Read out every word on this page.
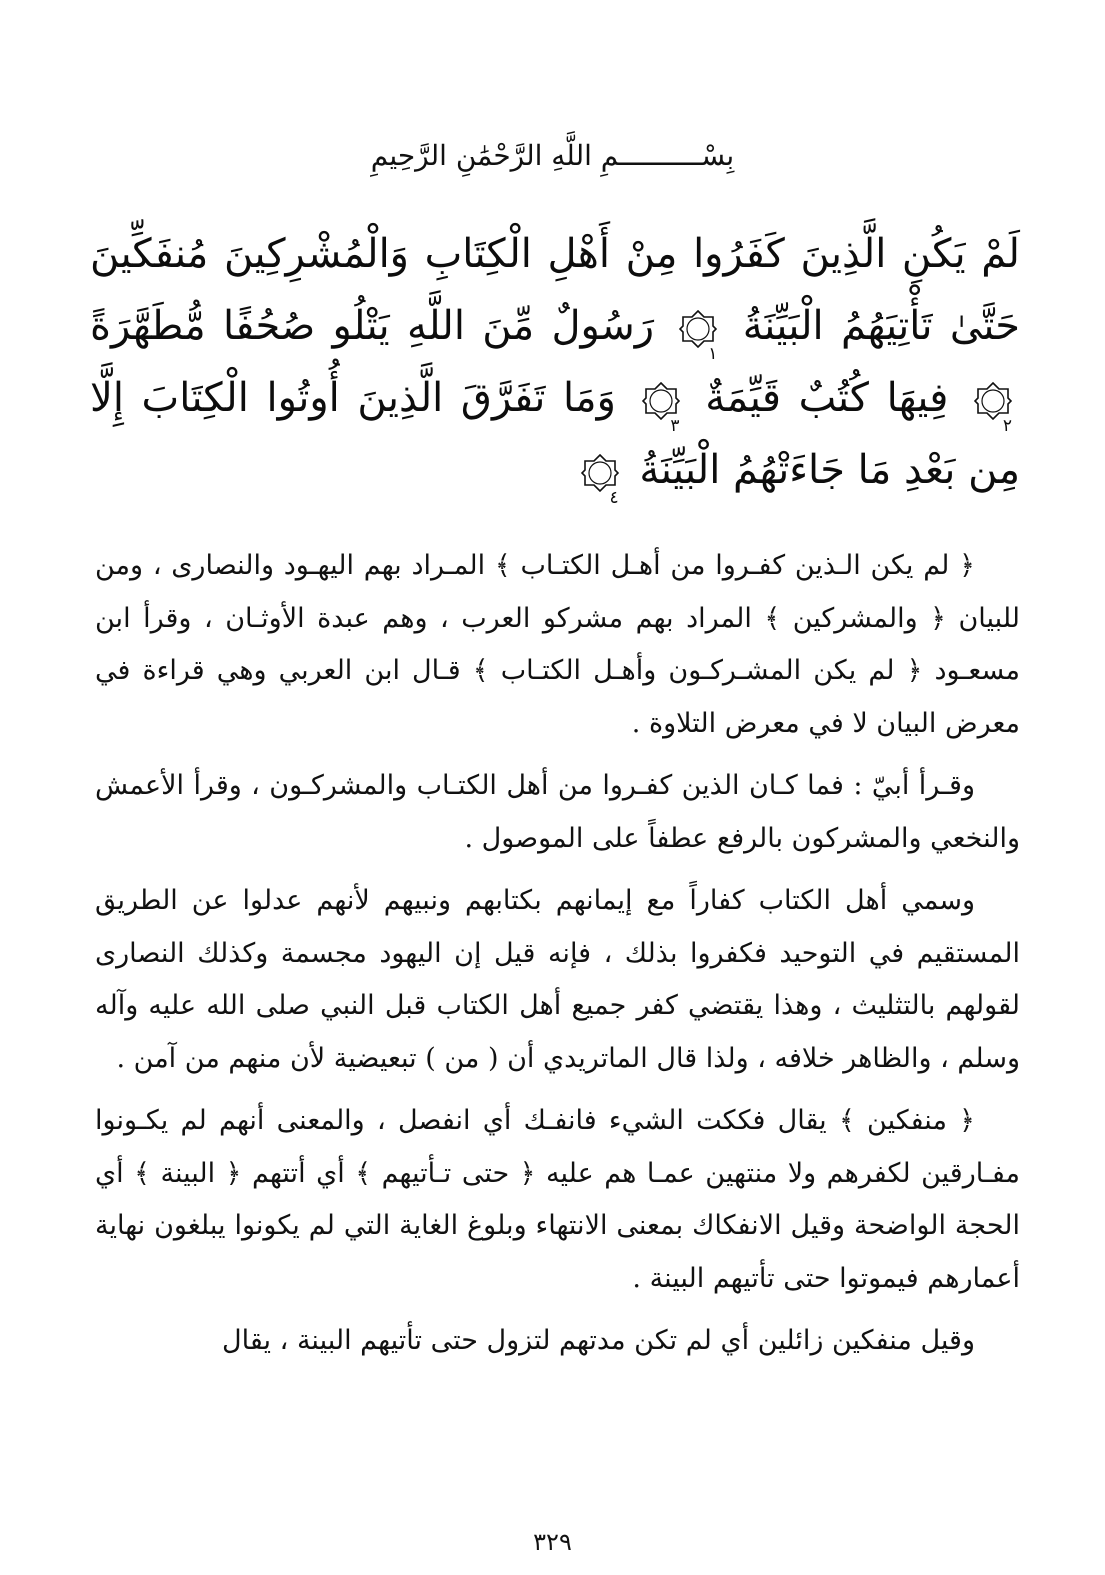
بِسْــــــــــمِ اللَّهِ الرَّحْمَٰنِ الرَّحِيمِ
لَمْ يَكُنِ الَّذِينَ كَفَرُوا مِنْ أَهْلِ الْكِتَابِ وَالْمُشْرِكِينَ مُنفَكِّينَ حَتَّىٰ تَأْتِيَهُمُ الْبَيِّنَةُ
١ رَسُولٌ مِّنَ اللَّهِ يَتْلُو صُحُفًا مُّطَهَّرَةً
٢ فِيهَا كُتُبٌ قَيِّمَةٌ
٣ وَمَا تَفَرَّقَ الَّذِينَ أُوتُوا الْكِتَابَ إِلَّا مِن بَعْدِ مَا جَاءَتْهُمُ الْبَيِّنَةُ
٤

﴿ لم يكن الـذين كفـروا من أهـل الكتـاب ﴾ المـراد بهم اليهـود والنصارى ، ومن للبيان ﴿ والمشركين ﴾ المراد بهم مشركو العرب ، وهم عبدة الأوثـان ، وقرأ ابن مسعـود ﴿ لم يكن المشـركـون وأهـل الكتـاب ﴾ قـال ابن العربي وهي قراءة في معرض البيان لا في معرض التلاوة .

وقـرأ أبيّ : فما كـان الذين كفـروا من أهل الكتـاب والمشركـون ، وقرأ الأعمش والنخعي والمشركون بالرفع عطفاً على الموصول .

وسمي أهل الكتاب كفاراً مع إيمانهم بكتابهم ونبيهم لأنهم عدلوا عن الطريق المستقيم في التوحيد فكفروا بذلك ، فإنه قيل إن اليهود مجسمة وكذلك النصارى لقولهم بالتثليث ، وهذا يقتضي كفر جميع أهل الكتاب قبل النبي صلى الله عليه وآله وسلم ، والظاهر خلافه ، ولذا قال الماتريدي أن ( من ) تبعيضية لأن منهم من آمن .

﴿ منفكين ﴾ يقال فككت الشيء فانفـك أي انفصل ، والمعنى أنهم لم يكـونوا مفـارقين لكفرهم ولا منتهين عمـا هم عليه ﴿ حتى تـأتيهم ﴾ أي أتتهم ﴿ البينة ﴾ أي الحجة الواضحة وقيل الانفكاك بمعنى الانتهاء وبلوغ الغاية التي لم يكونوا يبلغون نهاية أعمارهم فيموتوا حتى تأتيهم البينة .

وقيل منفكين زائلين أي لم تكن مدتهم لتزول حتى تأتيهم البينة ، يقال

٣٢٩
